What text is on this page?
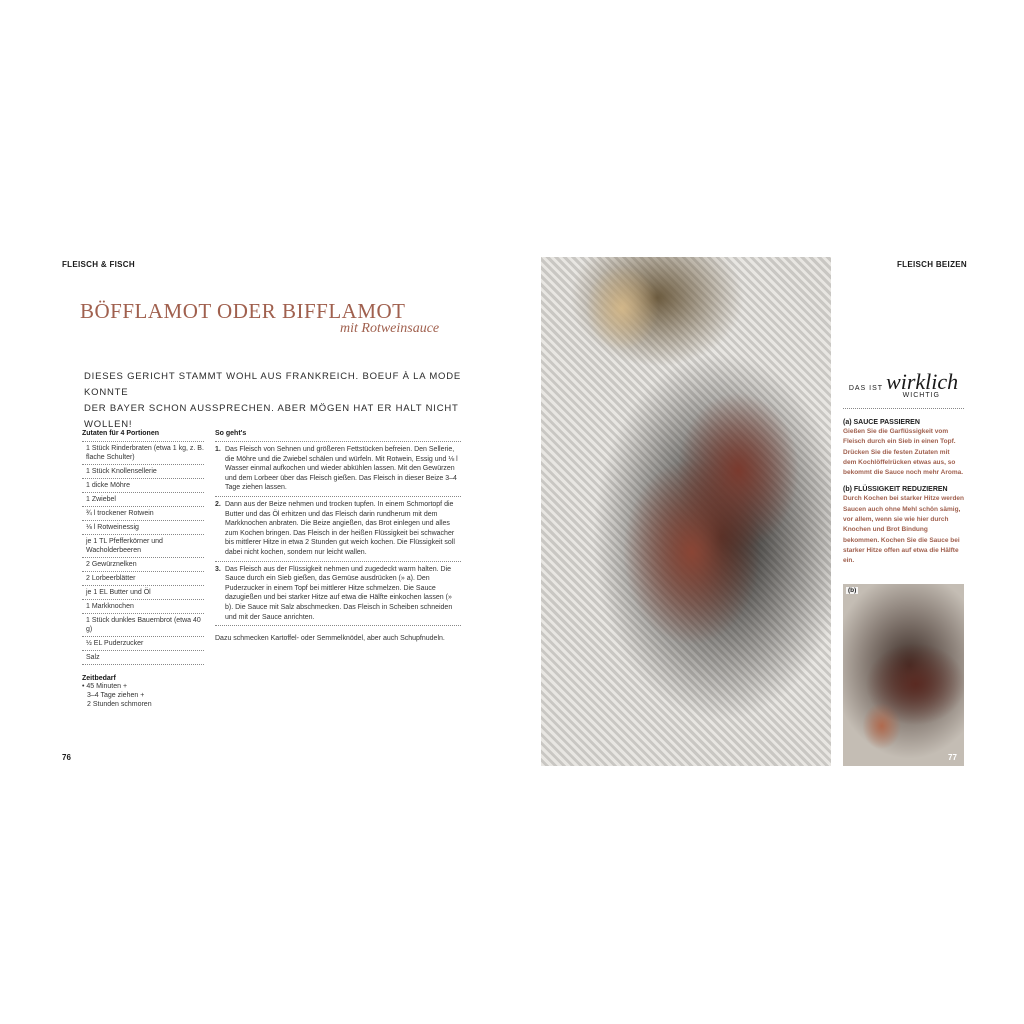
FLEISCH & FISCH
BÖFFLAMOT ODER BIFFLAMOT
mit Rotweinsauce
DIESES GERICHT STAMMT WOHL AUS FRANKREICH. BOEUF À LA MODE KONNTE
DER BAYER SCHON AUSSPRECHEN. ABER MÖGEN HAT ER HALT NICHT WOLLEN!
Zutaten für 4 Portionen
1 Stück Rinderbraten (etwa 1 kg, z. B. flache Schulter)
1 Stück Knollensellerie
1 dicke Möhre
1 Zwiebel
¾ l trockener Rotwein
⅛ l Rotweinessig
je 1 TL Pfefferkörner und Wacholderbeeren
2 Gewürznelken
2 Lorbeerblätter
je 1 EL Butter und Öl
1 Markknochen
1 Stück dunkles Bauernbrot (etwa 40 g)
½ EL Puderzucker
Salz
Zeitbedarf
• 45 Minuten +
3–4 Tage ziehen +
2 Stunden schmoren
So geht's
1. Das Fleisch von Sehnen und größeren Fettstücken befreien. Den Sellerie, die Möhre und die Zwiebel schälen und würfeln. Mit Rotwein, Essig und ⅛ l Wasser einmal aufkochen und wieder abkühlen lassen. Mit den Gewürzen und dem Lorbeer über das Fleisch gießen. Das Fleisch in dieser Beize 3–4 Tage ziehen lassen.
2. Dann aus der Beize nehmen und trocken tupfen. In einem Schmortopf die Butter und das Öl erhitzen und das Fleisch darin rundherum mit dem Markknochen anbraten. Die Beize angießen, das Brot einlegen und alles zum Kochen bringen. Das Fleisch in der heißen Flüssigkeit bei schwacher bis mittlerer Hitze in etwa 2 Stunden gut weich kochen. Die Flüssigkeit soll dabei nicht kochen, sondern nur leicht wallen.
3. Das Fleisch aus der Flüssigkeit nehmen und zugedeckt warm halten. Die Sauce durch ein Sieb gießen, das Gemüse ausdrücken (» a). Den Puderzucker in einem Topf bei mittlerer Hitze schmelzen. Die Sauce dazugießen und bei starker Hitze auf etwa die Hälfte einkochen lassen (» b). Die Sauce mit Salz abschmecken. Das Fleisch in Scheiben schneiden und mit der Sauce anrichten.
Dazu schmecken Kartoffel- oder Semmelknödel, aber auch Schupfnudeln.
76
FLEISCH BEIZEN
DAS IST wirklich
WICHTIG
(a) SAUCE PASSIEREN
Gießen Sie die Garflüssigkeit vom Fleisch durch ein Sieb in einen Topf. Drücken Sie die festen Zutaten mit dem Kochlöffelrücken etwas aus, so bekommt die Sauce noch mehr Aroma.
(b) FLÜSSIGKEIT REDUZIEREN
Durch Kochen bei starker Hitze werden Saucen auch ohne Mehl schön sämig, vor allem, wenn sie wie hier durch Knochen und Brot Bindung bekommen. Kochen Sie die Sauce bei starker Hitze offen auf etwa die Hälfte ein.
(b)
77
